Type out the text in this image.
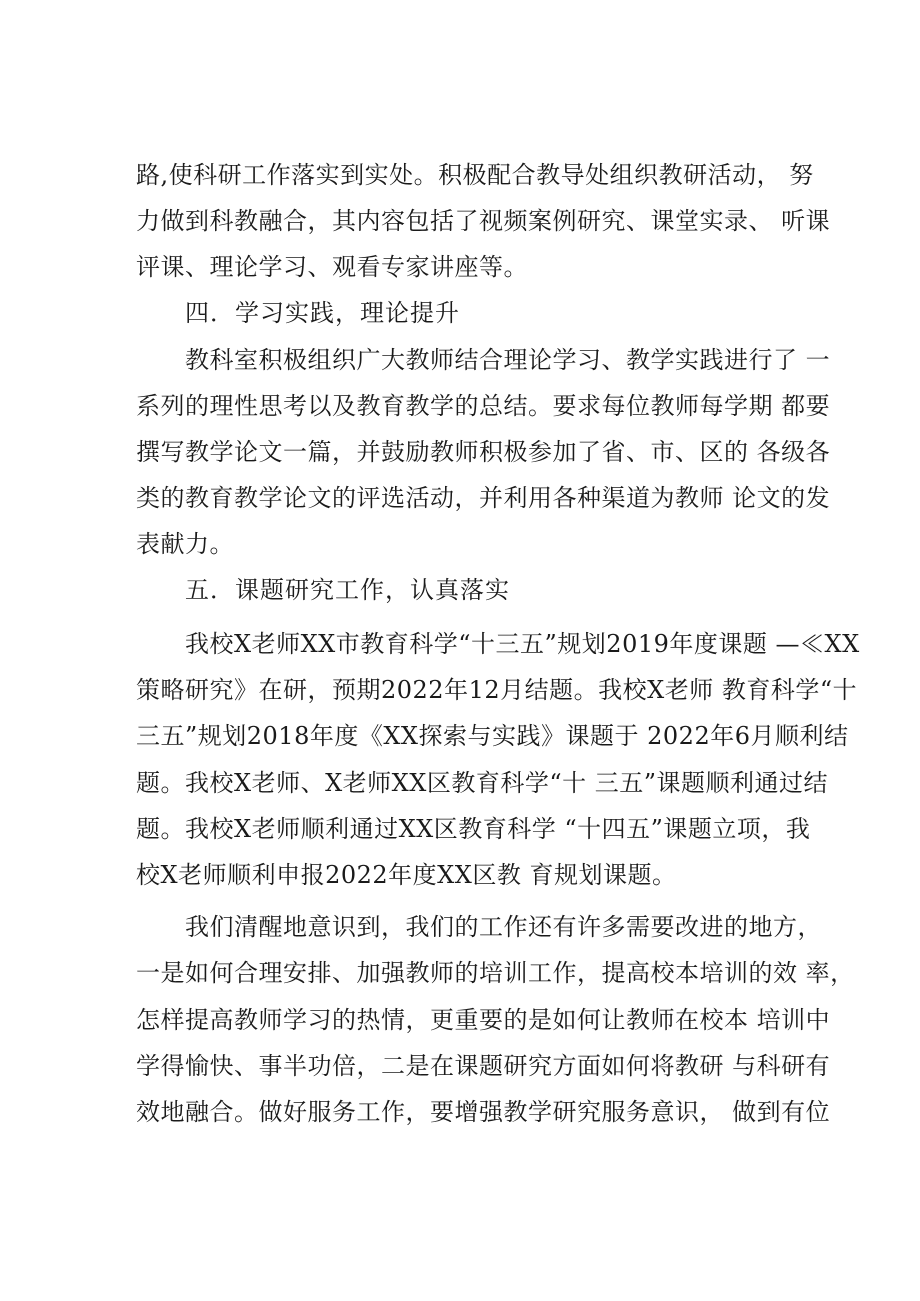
路,使科研工作落实到实处。积极配合教导处组织教研活动， 努
力做到科教融合，其内容包括了视频案例研究、课堂实录、 听课
评课、理论学习、观看专家讲座等。
四．学习实践，理论提升
教科室积极组织广大教师结合理论学习、教学实践进行了 一
系列的理性思考以及教育教学的总结。要求每位教师每学期 都要
撰写教学论文一篇，并鼓励教师积极参加了省、市、区的 各级各
类的教育教学论文的评选活动，并利用各种渠道为教师 论文的发
表献力。
五．课题研究工作，认真落实
我校X老师XX市教育科学“十三五”规划2019年度课题 —≪XX
策略研究》在研，预期2022年12月结题。我校X老师 教育科学“十
三五”规划2018年度《XX探索与实践》课题于 2022年6月顺利结
题。我校X老师、X老师XX区教育科学“十 三五”课题顺利通过结
题。我校X老师顺利通过XX区教育科学 “十四五”课题立项，我
校X老师顺利申报2022年度XX区教 育规划课题。
我们清醒地意识到，我们的工作还有许多需要改进的地方，
一是如何合理安排、加强教师的培训工作，提高校本培训的效 率，
怎样提高教师学习的热情，更重要的是如何让教师在校本 培训中
学得愉快、事半功倍，二是在课题研究方面如何将教研 与科研有
效地融合。做好服务工作，要增强教学研究服务意识， 做到有位
